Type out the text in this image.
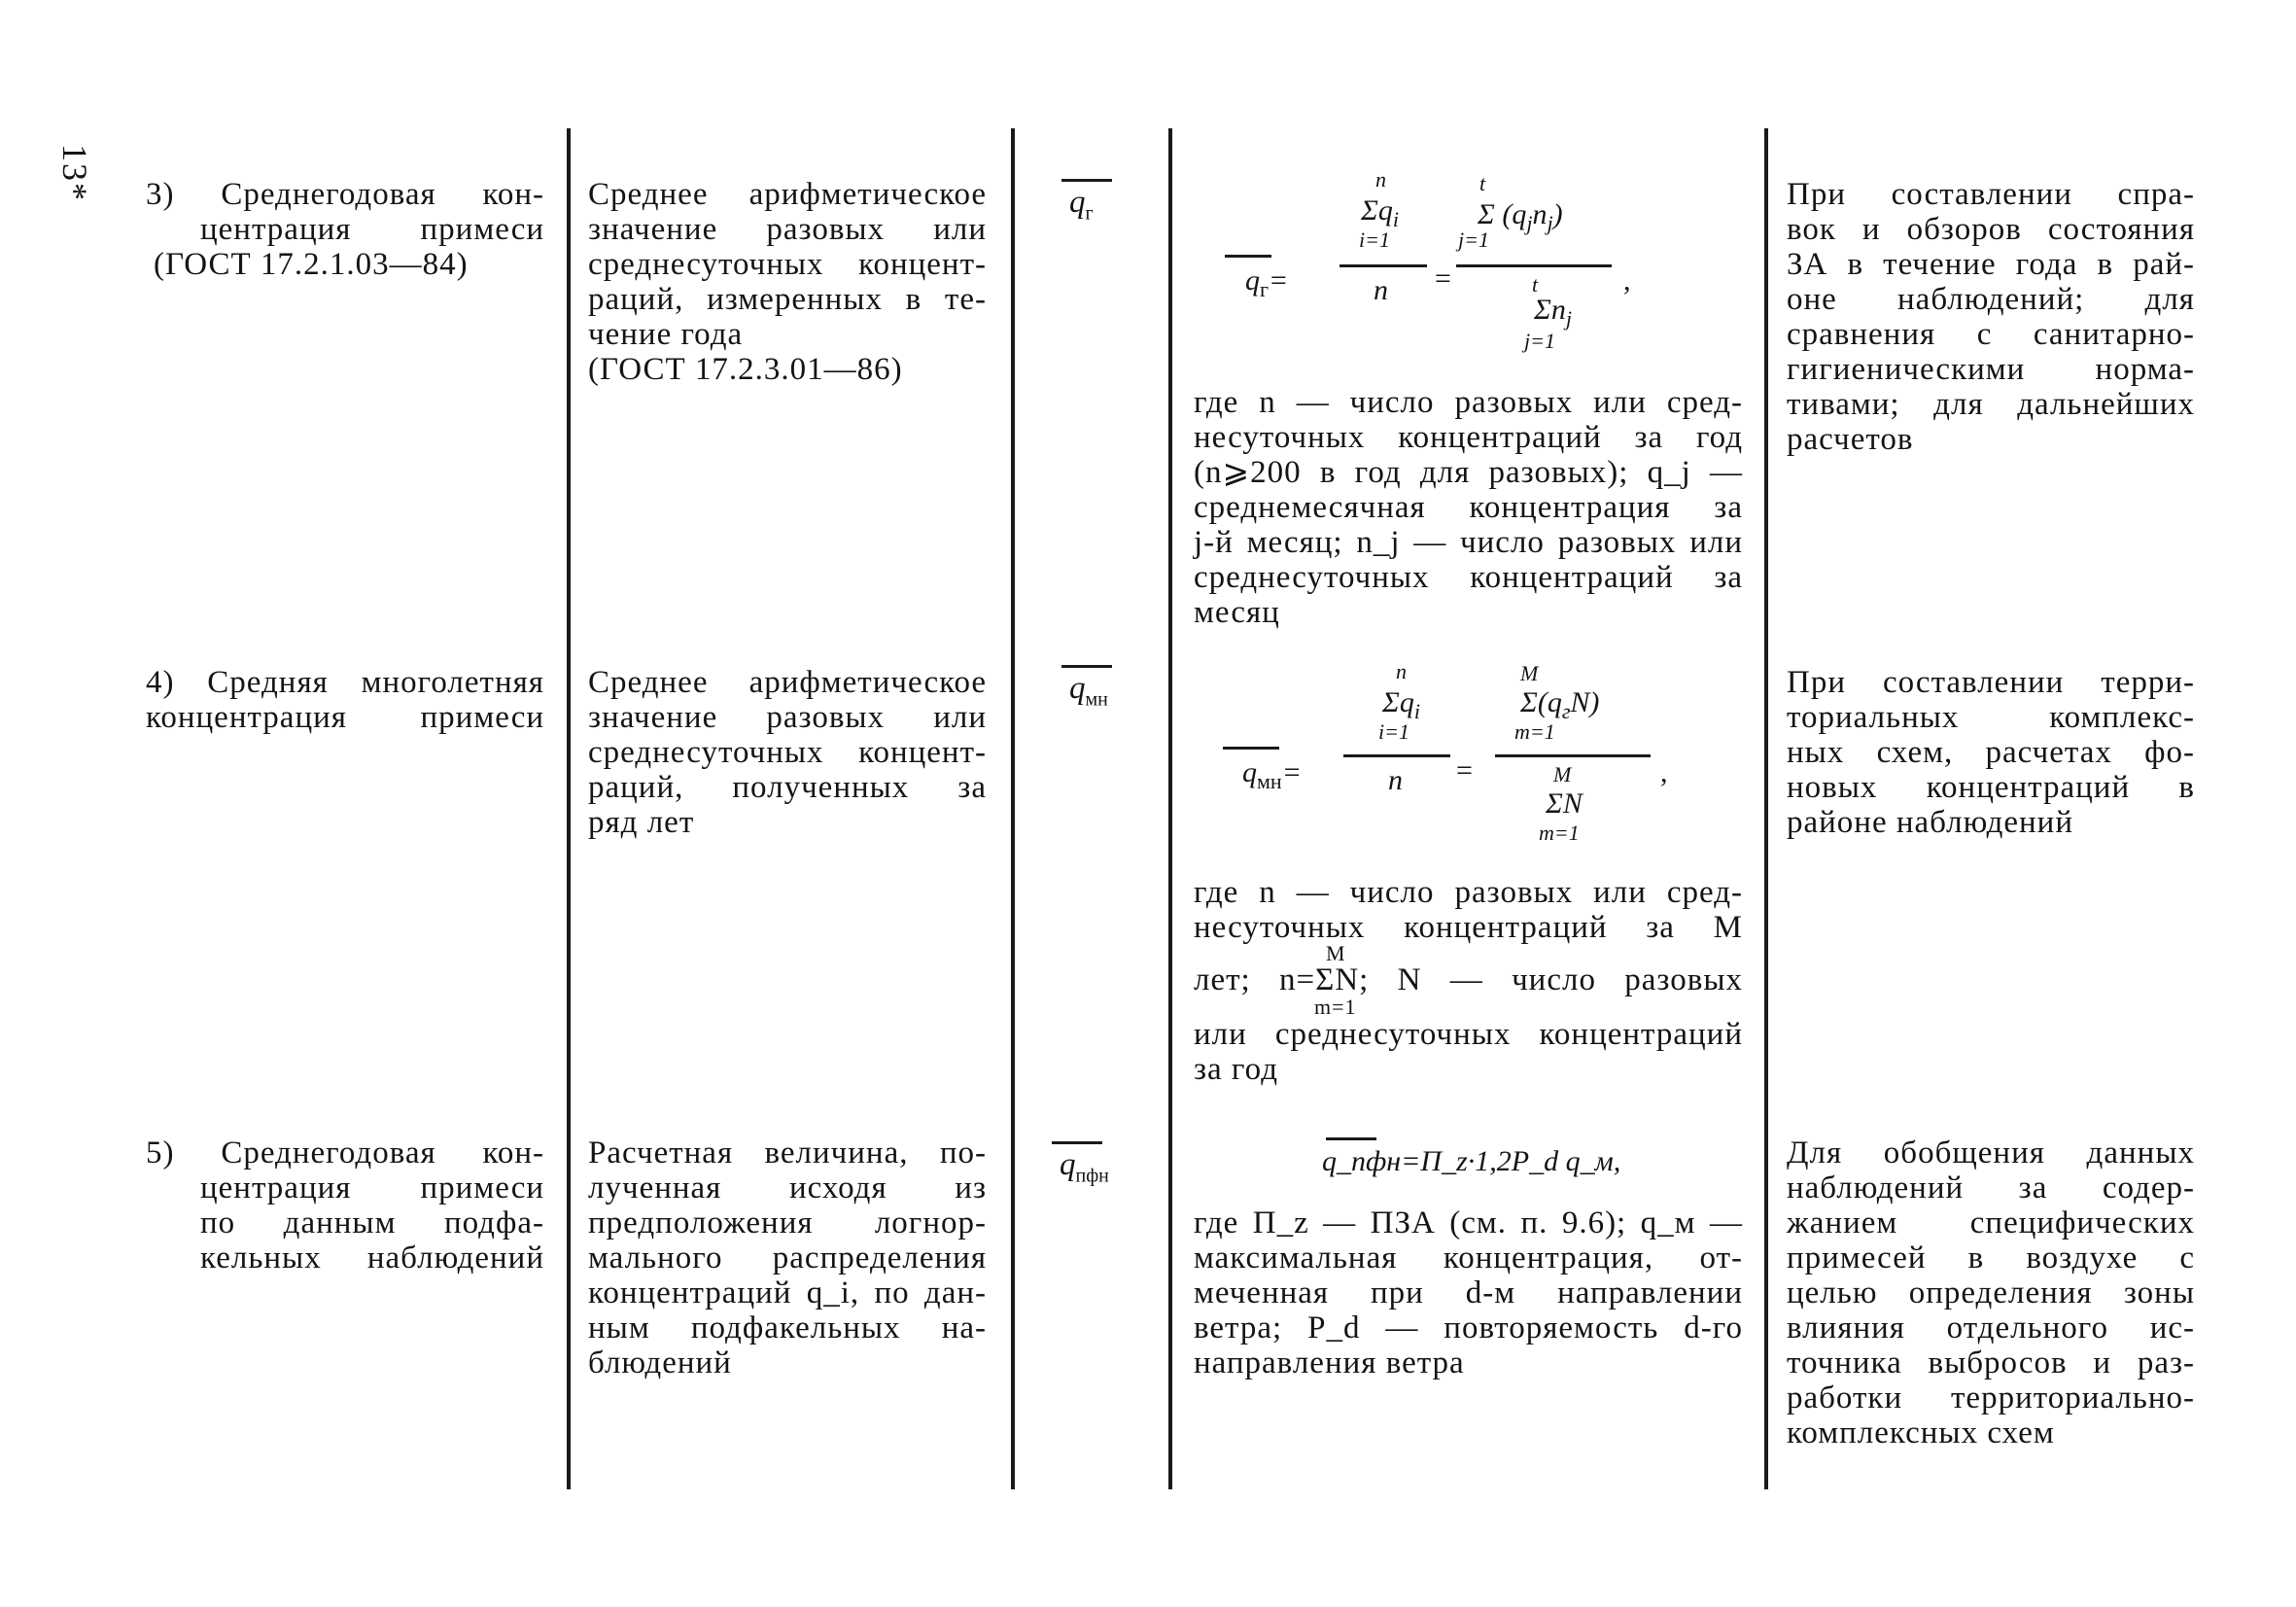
13* 3) Среднегодовая кон-
центрация примеси
(ГОСТ 17.2.1.03—84)
Среднее арифметическое
значение разовых или
среднесуточных концент-
раций, измеренных в те-
чение года
(ГОСТ 17.2.3.01—86)
$q_г$
$q_г=$
n
$\Sigma q_i$
i=1
n =
t
Σ $(q_jn_j)$
j=1
t
$\Sigma n_j$
j=1
,
где n — число разовых или сред-
несуточных концентраций за год
(n⩾200 в год для разовых); q_j —
среднемесячная концентрация за
j-й месяц; n_j — число разовых или
среднесуточных концентраций за
месяц
При составлении спра-
вок и обзоров состояния
ЗА в течение года в рай-
оне наблюдений; для
сравнения с санитарно-
гигиеническими норма-
тивами; для дальнейших
расчетов
4) Средняя многолетняя
концентрация примеси
Среднее арифметическое
значение разовых или
среднесуточных концент-
раций, полученных за
ряд лет
$q_{мн}$
$q_{мн}=$
n
$\Sigma q_i$
i=1
n =
M
$\Sigma(q_гN)$
m=1
M
ΣN
m=1
,
где n — число разовых или сред-
несуточных концентраций за M
M
лет; n=ΣN; N — число разовых
m=1
или среднесуточных концентраций
за год
При составлении терри-
ториальных комплекс-
ных схем, расчетах фо-
новых концентраций в
районе наблюдений
5) Среднегодовая кон-
центрация примеси
по данным подфа-
кельных наблюдений
Расчетная величина, по-
лученная исходя из
предположения логнор-
мального распределения
концентраций q_i, по дан-
ным подфакельных на-
блюдений
$q_{пфн}$	q_пфн=П_z·1,2P_d q_м,
где П_z — ПЗА (см. п. 9.6); q_м —
максимальная концентрация, от-
меченная при d-м направлении
ветра; P_d — повторяемость d-го
направления ветра
Для обобщения данных
наблюдений за содер-
жанием специфических
примесей в воздухе с
целью определения зоны
влияния отдельного ис-
точника выбросов и раз-
работки территориально-
комплексных схем
